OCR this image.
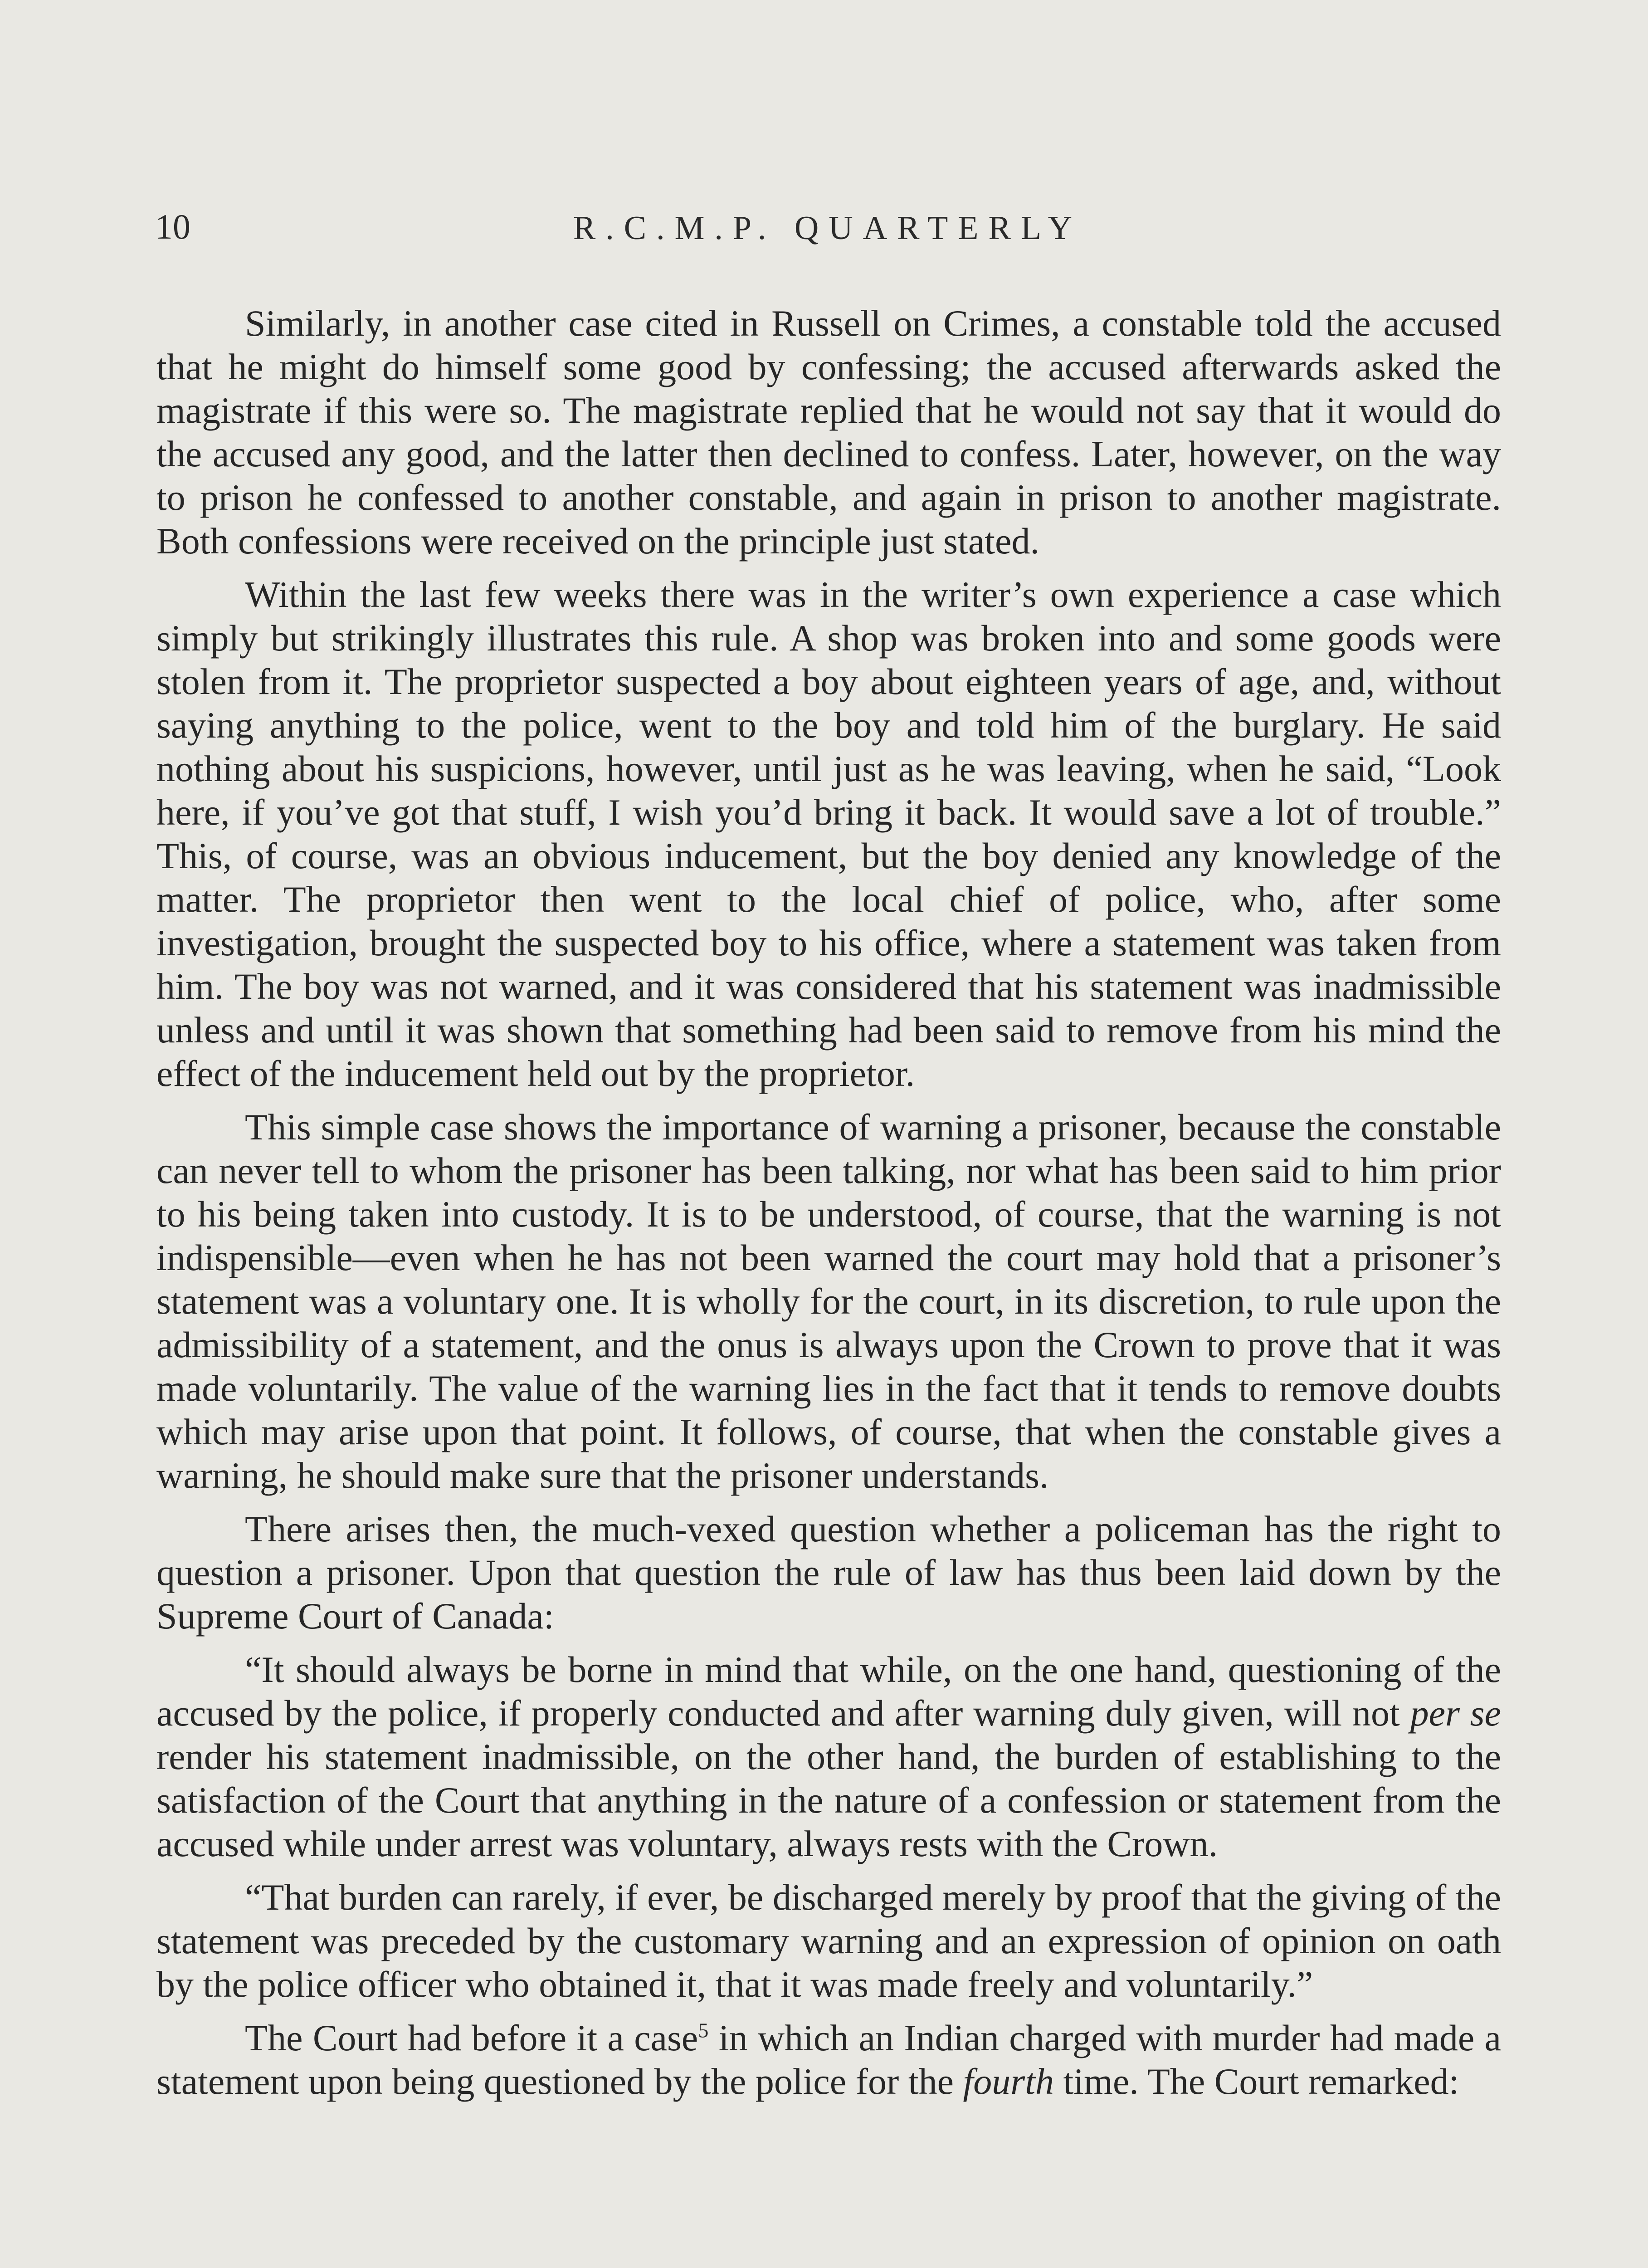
10	R.C.M.P. QUARTERLY

Similarly, in another case cited in Russell on Crimes, a constable told the accused that he might do himself some good by confessing; the accused afterwards asked the magistrate if this were so. The magistrate replied that he would not say that it would do the accused any good, and the latter then declined to confess. Later, however, on the way to prison he confessed to another constable, and again in prison to another magistrate. Both confessions were received on the principle just stated.

Within the last few weeks there was in the writer’s own experience a case which simply but strikingly illustrates this rule. A shop was broken into and some goods were stolen from it. The proprietor suspected a boy about eighteen years of age, and, without saying anything to the police, went to the boy and told him of the burglary. He said nothing about his suspicions, however, until just as he was leaving, when he said, “Look here, if you’ve got that stuff, I wish you’d bring it back. It would save a lot of trouble.” This, of course, was an obvious inducement, but the boy denied any knowledge of the matter. The proprietor then went to the local chief of police, who, after some investigation, brought the suspected boy to his office, where a statement was taken from him. The boy was not warned, and it was considered that his statement was inadmissible unless and until it was shown that something had been said to remove from his mind the effect of the inducement held out by the proprietor.

This simple case shows the importance of warning a prisoner, because the constable can never tell to whom the prisoner has been talking, nor what has been said to him prior to his being taken into custody. It is to be understood, of course, that the warning is not indispensible—even when he has not been warned the court may hold that a prisoner’s statement was a voluntary one. It is wholly for the court, in its discretion, to rule upon the admissibility of a statement, and the onus is always upon the Crown to prove that it was made voluntarily. The value of the warning lies in the fact that it tends to remove doubts which may arise upon that point. It follows, of course, that when the constable gives a warning, he should make sure that the prisoner understands.

There arises then, the much-vexed question whether a policeman has the right to question a prisoner. Upon that question the rule of law has thus been laid down by the Supreme Court of Canada:

“It should always be borne in mind that while, on the one hand, questioning of the accused by the police, if properly conducted and after warning duly given, will not per se render his statement inadmissible, on the other hand, the burden of establishing to the satisfaction of the Court that anything in the nature of a confession or statement from the accused while under arrest was voluntary, always rests with the Crown.

“That burden can rarely, if ever, be discharged merely by proof that the giving of the statement was preceded by the customary warning and an expression of opinion on oath by the police officer who obtained it, that it was made freely and voluntarily.”

The Court had before it a case$^5$ in which an Indian charged with murder had made a statement upon being questioned by the police for the fourth time. The Court remarked:
